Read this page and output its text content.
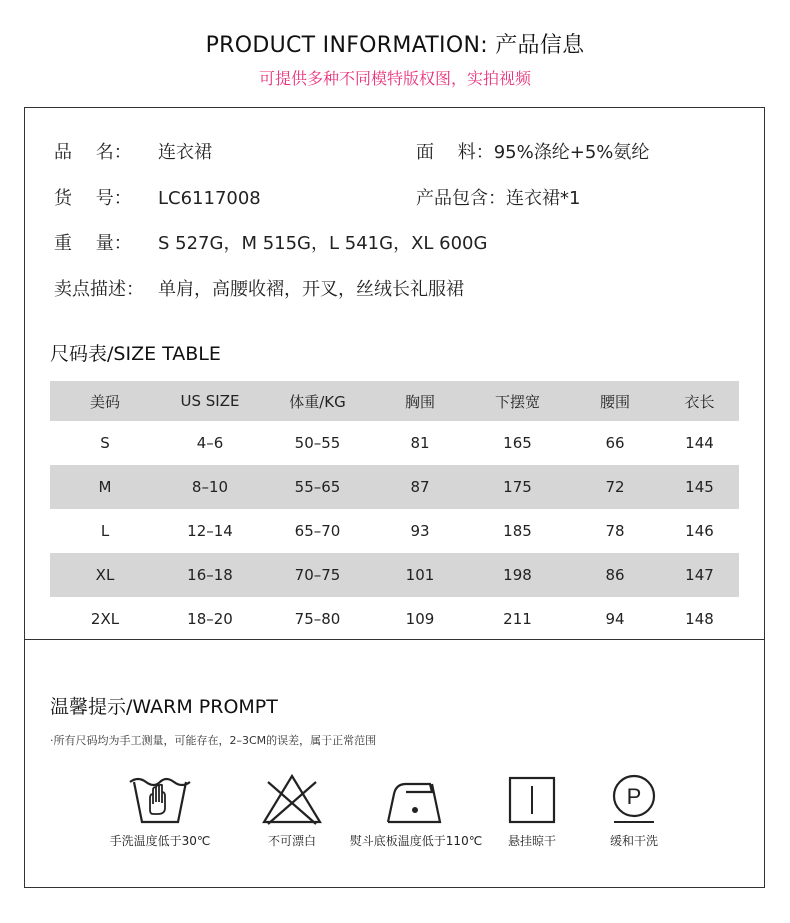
PRODUCT INFORMATION: 产品信息
可提供多种不同模特版权图，实拍视频
品　 名： 连衣裙	面　 料：95%涤纶+5%氨纶
货　 号： LC6117008	产品包含：连衣裙*1
重　 量： S 527G，M 515G，L 541G，XL 600G
卖点描述： 单肩，高腰收褶，开叉，丝绒长礼服裙
尺码表/SIZE TABLE
美码	US SIZE	体重/KG	胸围	下摆宽	腰围	衣长
S	4–6	50–55	81	165	66	144
M	8–10	55–65	87	175	72	145
L	12–14	65–70	93	185	78	146
XL	16–18	70–75	101	198	86	147
2XL	18–20	75–80	109	211	94	148
温馨提示/WARM PROMPT
·所有尺码均为手工测量，可能存在，2–3CM的误差，属于正常范围
手洗温度低于30℃	不可漂白	熨斗底板温度低于110℃	悬挂晾干
P
缓和干洗
